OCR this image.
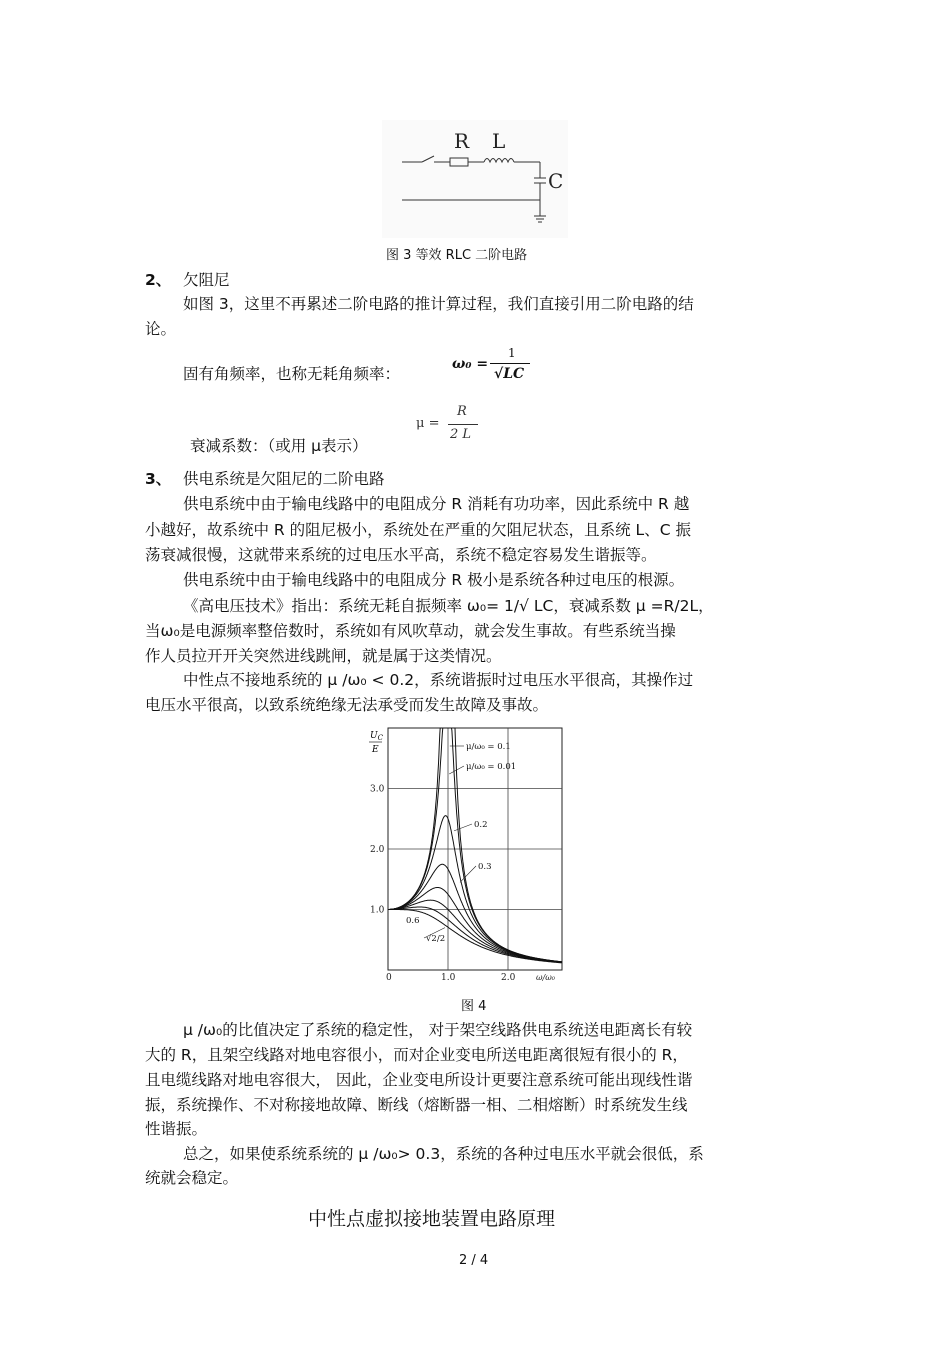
R L
C
图 3 等效 RLC 二阶电路
2、 欠阻尼
如图 3，这里不再累述二阶电路的推计算过程，我们直接引用二阶电路的结
论。
固有角频率，也称无耗角频率：
ω₀ =
1
√LC
衰减系数：（或用 μ表示）
μ =
R
2 L
3、 供电系统是欠阻尼的二阶电路
供电系统中由于输电线路中的电阻成分 R 消耗有功功率，因此系统中 R 越
小越好，故系统中 R 的阻尼极小，系统处在严重的欠阻尼状态，且系统 L、C 振
荡衰减很慢，这就带来系统的过电压水平高，系统不稳定容易发生谐振等。
供电系统中由于输电线路中的电阻成分 R 极小是系统各种过电压的根源。
《高电压技术》指出：系统无耗自振频率 ω₀= 1/√ LC，衰减系数 μ =R/2L，
当ω₀是电源频率整倍数时，系统如有风吹草动，就会发生事故。有些系统当操
作人员拉开开关突然进线跳闸，就是属于这类情况。
中性点不接地系统的 μ /ω₀ < 0.2，系统谐振时过电压水平很高，其操作过
电压水平很高，以致系统绝缘无法承受而发生故障及事故。
0	1.0	2.0
1.0
2.0
3.0
ω/ω₀
μ/ω₀ = 0.1
μ/ω₀ = 0.01
0.2
0.3
0.6
√2/2
$U_C$
E
图 4
μ /ω₀的比值决定了系统的稳定性， 对于架空线路供电系统送电距离长有较
大的 R，且架空线路对地电容很小，而对企业变电所送电距离很短有很小的 R，
且电缆线路对地电容很大， 因此，企业变电所设计更要注意系统可能出现线性谐
振，系统操作、不对称接地故障、断线（熔断器一相、二相熔断）时系统发生线
性谐振。
总之，如果使系统系统的 μ /ω₀> 0.3，系统的各种过电压水平就会很低，系
统就会稳定。
中性点虚拟接地装置电路原理
2 / 4
